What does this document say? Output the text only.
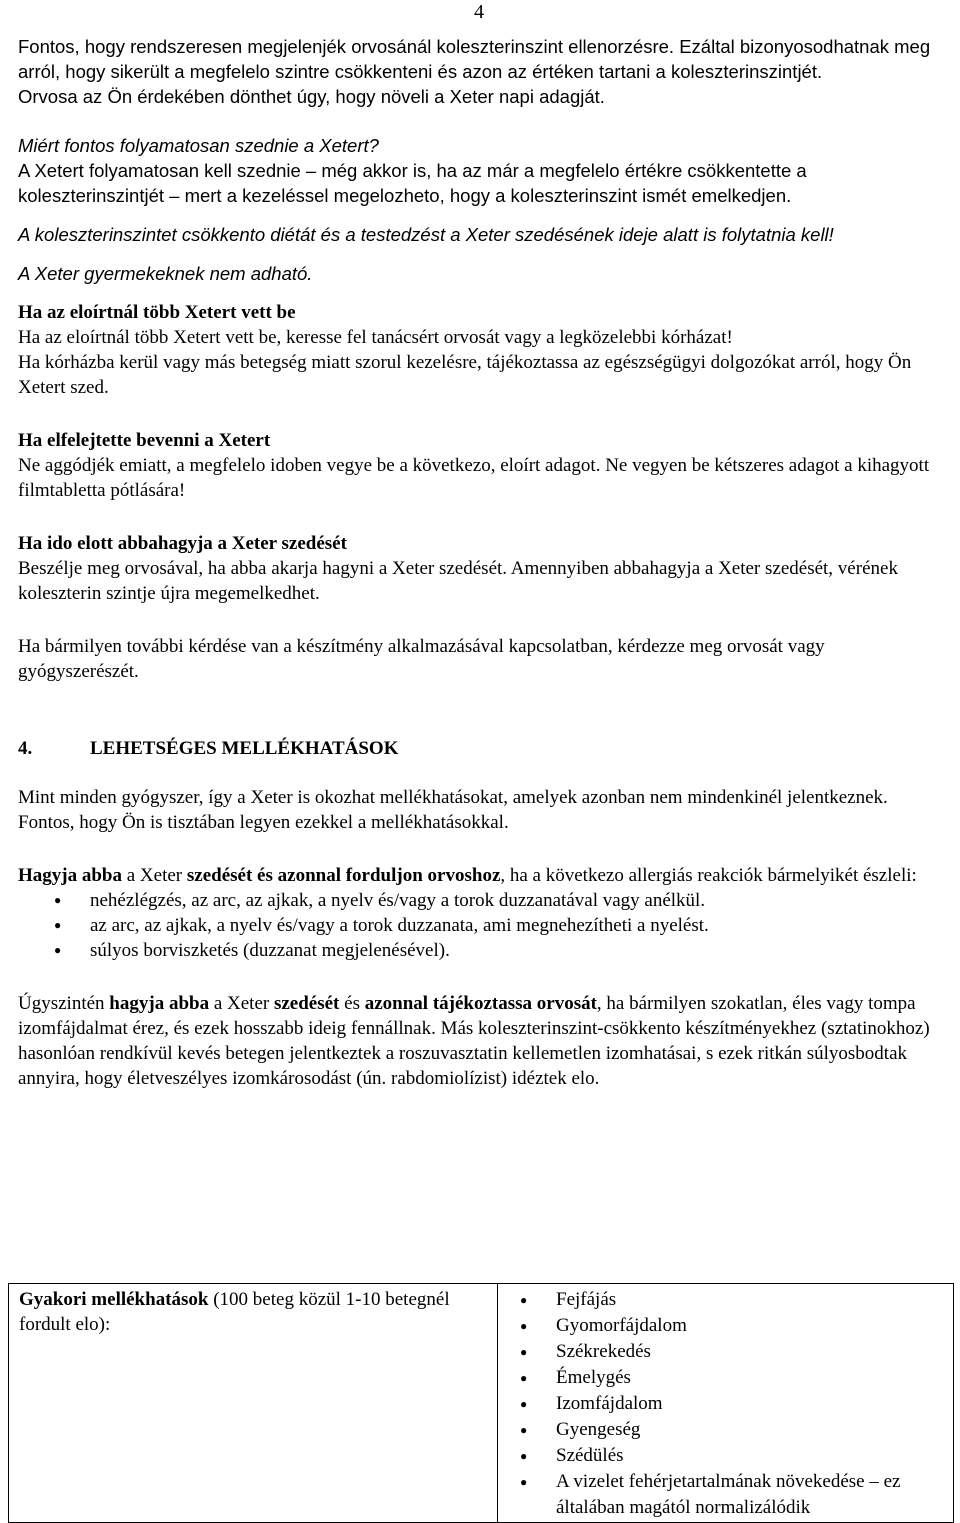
4

Fontos, hogy rendszeresen megjelenjék orvosánál koleszterinszint ellenorzésre. Ezáltal bizonyosodhatnak meg arról, hogy sikerült a megfelelo szintre csökkenteni és azon az értéken tartani a koleszterinszintjét.

Orvosa az Ön érdekében dönthet úgy, hogy növeli a Xeter napi adagját.

Miért fontos folyamatosan szednie a Xetert?

A Xetert folyamatosan kell szednie – még akkor is, ha az már a megfelelo értékre csökkentette a koleszterinszintjét – mert a kezeléssel megelozheto, hogy a koleszterinszint ismét emelkedjen.

A koleszterinszintet csökkento diétát és a testedzést a Xeter szedésének ideje alatt is folytatnia kell!

A Xeter gyermekeknek nem adható.

Ha az eloírtnál több Xetert vett be

Ha az eloírtnál több Xetert vett be, keresse fel tanácsért orvosát vagy a legközelebbi kórházat!

Ha kórházba kerül vagy más betegség miatt szorul kezelésre, tájékoztassa az egészségügyi dolgozókat arról, hogy Ön Xetert szed.

Ha elfelejtette bevenni a Xetert

Ne aggódjék emiatt, a megfelelo idoben vegye be a következo, eloírt adagot. Ne vegyen be kétszeres adagot a kihagyott filmtabletta pótlására!

Ha ido elott abbahagyja a Xeter szedését

Beszélje meg orvosával, ha abba akarja hagyni a Xeter szedését. Amennyiben abbahagyja a Xeter szedését, vérének koleszterin szintje újra megemelkedhet.

Ha bármilyen további kérdése van a készítmény alkalmazásával kapcsolatban, kérdezze meg orvosát vagy gyógyszerészét.

4.	LEHETSÉGES MELLÉKHATÁSOK

Mint minden gyógyszer, így a Xeter is okozhat mellékhatásokat, amelyek azonban nem mindenkinél jelentkeznek.

Fontos, hogy Ön is tisztában legyen ezekkel a mellékhatásokkal.

Hagyja abba a Xeter szedését és azonnal forduljon orvoshoz, ha a következo allergiás reakciók bármelyikét észleli:

● nehézlégzés, az arc, az ajkak, a nyelv és/vagy a torok duzzanatával vagy anélkül.
● az arc, az ajkak, a nyelv és/vagy a torok duzzanata, ami megnehezítheti a nyelést.
● súlyos borviszketés (duzzanat megjelenésével).

Úgyszintén hagyja abba a Xeter szedését és azonnal tájékoztassa orvosát, ha bármilyen szokatlan, éles vagy tompa izomfájdalmat érez, és ezek hosszabb ideig fennállnak. Más koleszterinszint-csökkento készítményekhez (sztatinokhoz) hasonlóan rendkívül kevés betegen jelentkeztek a roszuvasztatin kellemetlen izomhatásai, s ezek ritkán súlyosbodtak annyira, hogy életveszélyes izomkárosodást (ún. rabdomiolízist) idéztek elo.

Gyakori mellékhatások (100 beteg közül 1-10 betegnél fordult elo):	
● Fejfájás
● Gyomorfájdalom
● Székrekedés
● Émelygés
● Izomfájdalom
● Gyengeség
● Szédülés
● A vizelet fehérjetartalmának növekedése – ez általában magától normalizálódik
